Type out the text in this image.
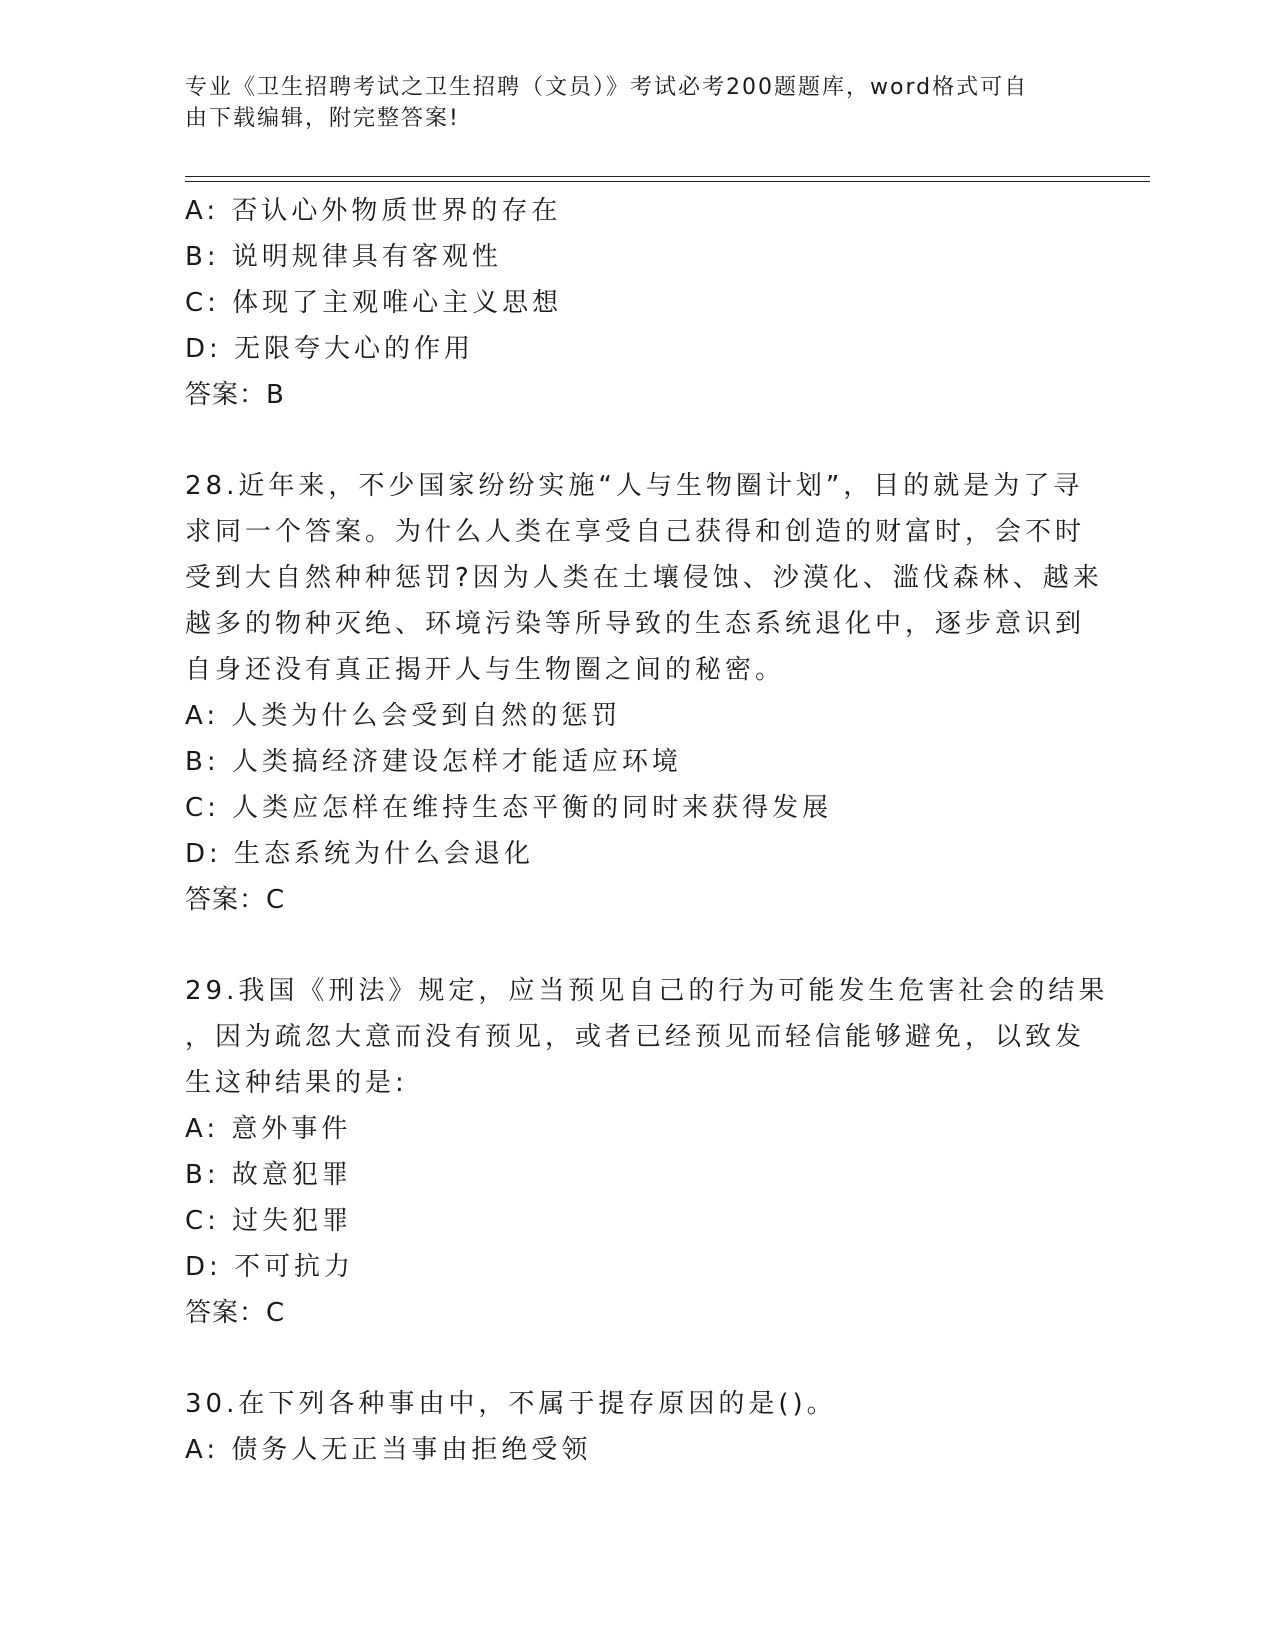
专业《卫生招聘考试之卫生招聘（文员）》考试必考200题题库，word格式可自
由下载编辑，附完整答案!
A: 否认心外物质世界的存在
B: 说明规律具有客观性
C: 体现了主观唯心主义思想
D: 无限夸大心的作用
答案：B
28.近年来，不少国家纷纷实施“人与生物圈计划”，目的就是为了寻
求同一个答案。为什么人类在享受自己获得和创造的财富时，会不时
受到大自然种种惩罚?因为人类在土壤侵蚀、沙漠化、滥伐森林、越来
越多的物种灭绝、环境污染等所导致的生态系统退化中，逐步意识到
自身还没有真正揭开人与生物圈之间的秘密。
A: 人类为什么会受到自然的惩罚
B: 人类搞经济建设怎样才能适应环境
C: 人类应怎样在维持生态平衡的同时来获得发展
D: 生态系统为什么会退化
答案：C
29.我国《刑法》规定，应当预见自己的行为可能发生危害社会的结果
，因为疏忽大意而没有预见，或者已经预见而轻信能够避免，以致发
生这种结果的是:
A: 意外事件
B: 故意犯罪
C: 过失犯罪
D: 不可抗力
答案：C
30.在下列各种事由中，不属于提存原因的是()。
A: 债务人无正当事由拒绝受领
